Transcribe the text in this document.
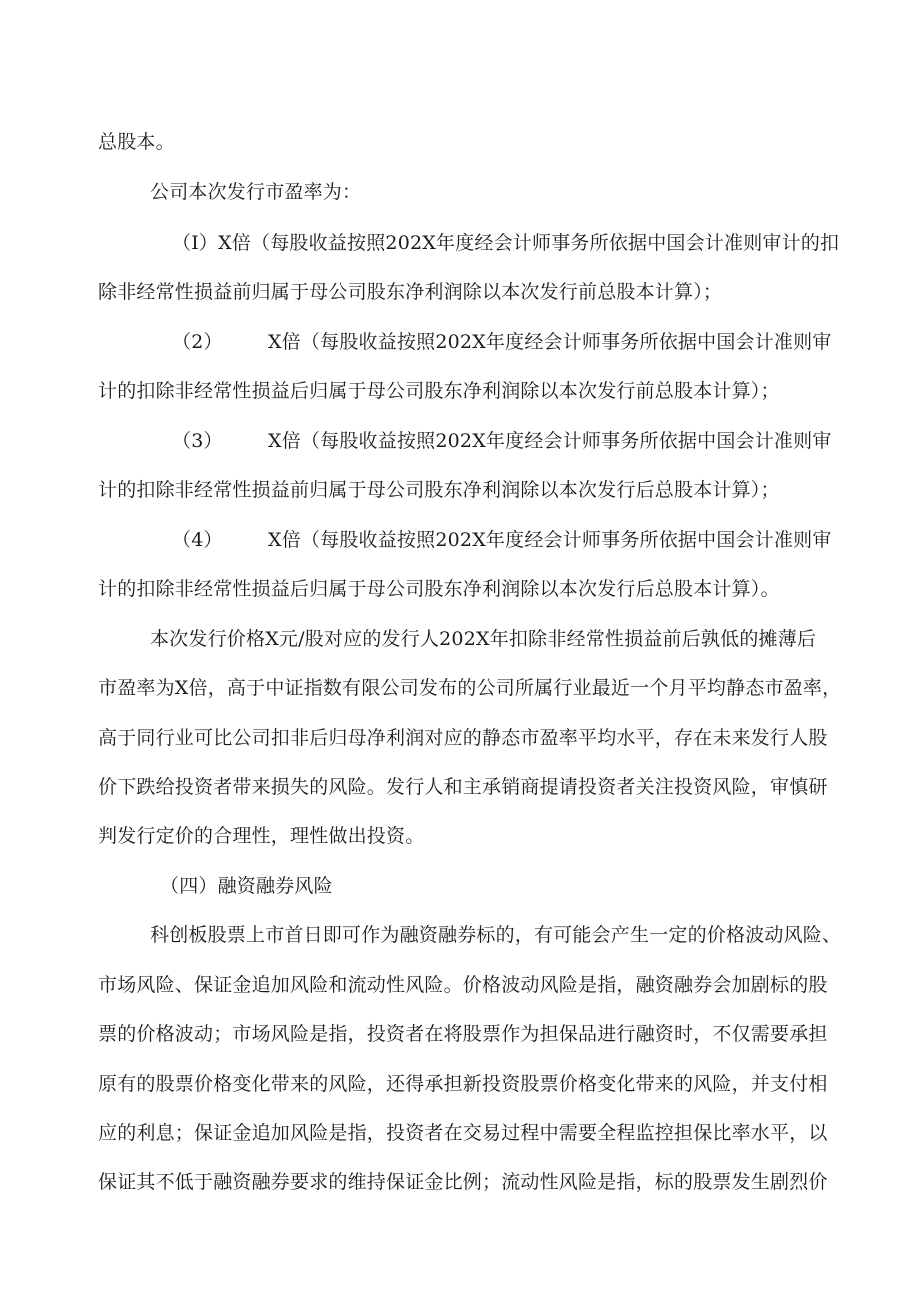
总股本。
公司本次发行市盈率为：
（I）X倍（每股收益按照202X年度经会计师事务所依据中国会计准则审计的扣
除非经常性损益前归属于母公司股东净利润除以本次发行前总股本计算）；
（2） X倍（每股收益按照202X年度经会计师事务所依据中国会计准则审
计的扣除非经常性损益后归属于母公司股东净利润除以本次发行前总股本计算）；
（3） X倍（每股收益按照202X年度经会计师事务所依据中国会计准则审
计的扣除非经常性损益前归属于母公司股东净利润除以本次发行后总股本计算）；
（4） X倍（每股收益按照202X年度经会计师事务所依据中国会计准则审
计的扣除非经常性损益后归属于母公司股东净利润除以本次发行后总股本计算）。
本次发行价格X元/股对应的发行人202X年扣除非经常性损益前后孰低的摊薄后
市盈率为X倍，高于中证指数有限公司发布的公司所属行业最近一个月平均静态市盈率，
高于同行业可比公司扣非后归母净利润对应的静态市盈率平均水平，存在未来发行人股
价下跌给投资者带来损失的风险。发行人和主承销商提请投资者关注投资风险，审慎研
判发行定价的合理性，理性做出投资。
（四）融资融券风险
科创板股票上市首日即可作为融资融券标的，有可能会产生一定的价格波动风险、
市场风险、保证金追加风险和流动性风险。价格波动风险是指，融资融券会加剧标的股
票的价格波动；市场风险是指，投资者在将股票作为担保品进行融资时，不仅需要承担
原有的股票价格变化带来的风险，还得承担新投资股票价格变化带来的风险，并支付相
应的利息；保证金追加风险是指，投资者在交易过程中需要全程监控担保比率水平，以
保证其不低于融资融券要求的维持保证金比例；流动性风险是指，标的股票发生剧烈价
